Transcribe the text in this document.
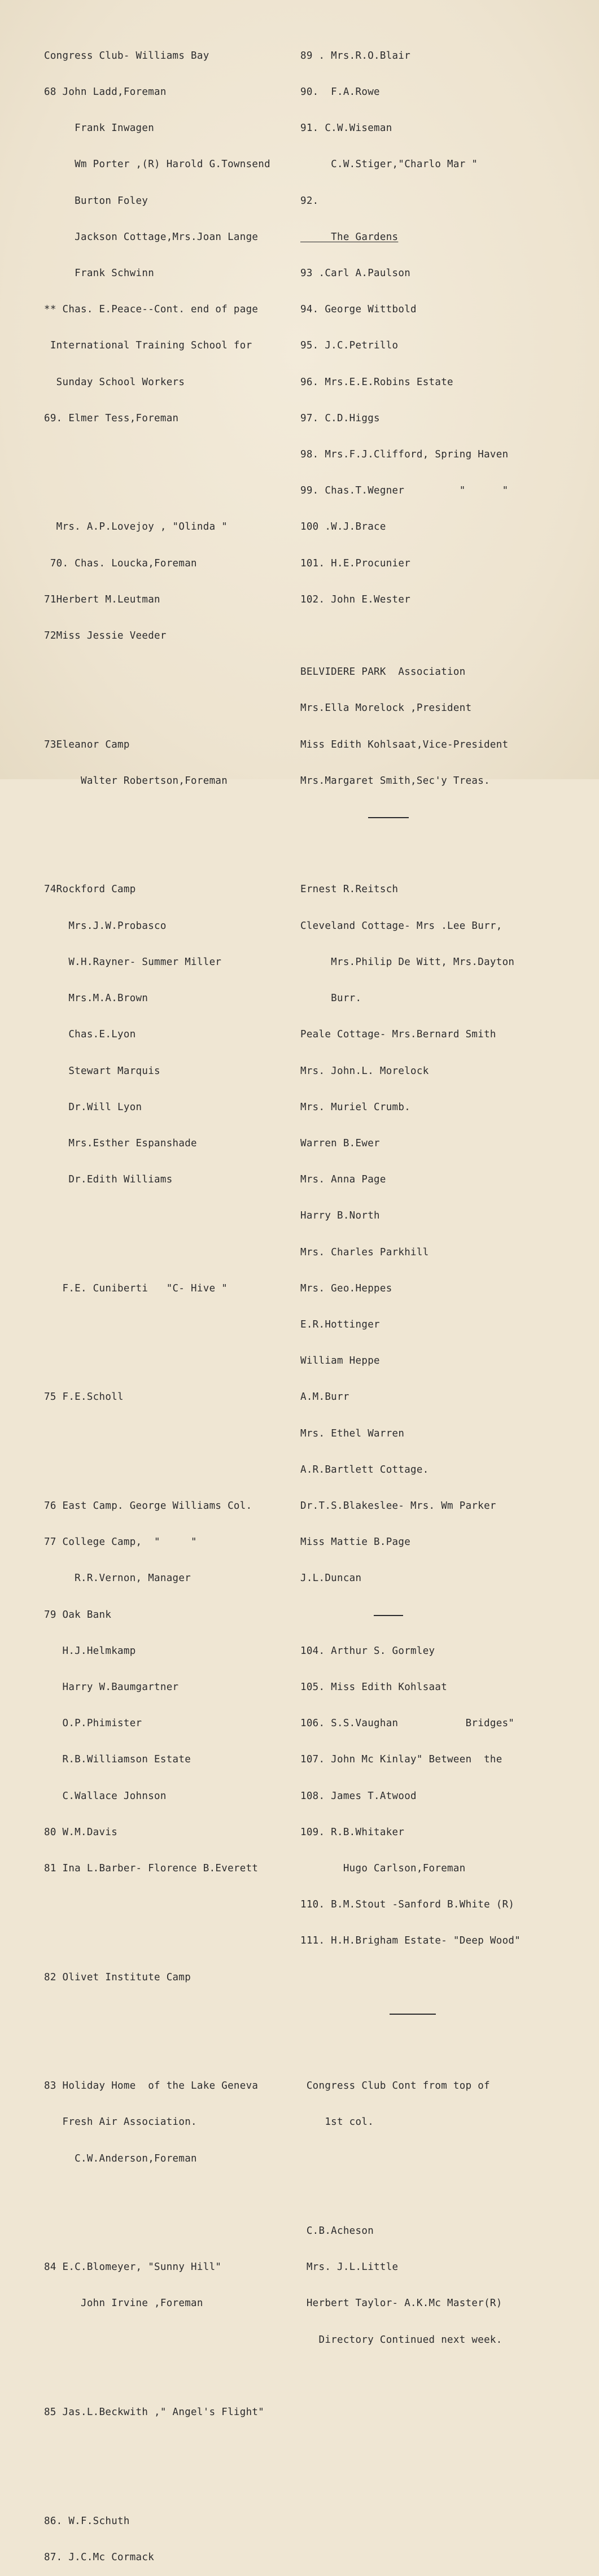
Congress Club- Williams Bay

68 John Ladd,Foreman

Frank Inwagen

Wm Porter ,(R) Harold G.Townsend

Burton Foley

Jackson Cottage,Mrs.Joan Lange

Frank Schwinn

** Chas. E.Peace--Cont. end of page

International Training School for

Sunday School Workers

69. Elmer Tess,Foreman

Mrs. A.P.Lovejoy , "Olinda "

70. Chas. Loucka,Foreman

71Herbert M.Leutman

72Miss Jessie Veeder

73Eleanor Camp

Walter Robertson,Foreman

74Rockford Camp

Mrs.J.W.Probasco

W.H.Rayner- Summer Miller

Mrs.M.A.Brown

Chas.E.Lyon

Stewart Marquis

Dr.Will Lyon

Mrs.Esther Espanshade

Dr.Edith Williams

F.E. Cuniberti   "C- Hive "

75 F.E.Scholl

76 East Camp. George Williams Col.

77 College Camp,  "     "

R.R.Vernon, Manager

79 Oak Bank

H.J.Helmkamp

Harry W.Baumgartner

O.P.Phimister

R.B.Williamson Estate

C.Wallace Johnson

80 W.M.Davis

81 Ina L.Barber- Florence B.Everett

82 Olivet Institute Camp

83 Holiday Home  of the Lake Geneva

Fresh Air Association.

C.W.Anderson,Foreman

84 E.C.Blomeyer, "Sunny Hill"

John Irvine ,Foreman

85 Jas.L.Beckwith ," Angel's Flight"

86. W.F.Schuth

87. J.C.Mc Cormack

89 . Mrs.R.O.Blair

90.  F.A.Rowe

91. C.W.Wiseman

C.W.Stiger,"Charlo Mar "

92.

The Gardens

93 .Carl A.Paulson

94. George Wittbold

95. J.C.Petrillo

96. Mrs.E.E.Robins Estate

97. C.D.Higgs

98. Mrs.F.J.Clifford, Spring Haven

99. Chas.T.Wegner         "      "

100 .W.J.Brace

101. H.E.Procunier

102. John E.Wester

BELVIDERE PARK  Association

Mrs.Ella Morelock ,President

Miss Edith Kohlsaat,Vice-President

Mrs.Margaret Smith,Sec'y Treas.

Ernest R.Reitsch

Cleveland Cottage- Mrs .Lee Burr,

Mrs.Philip De Witt, Mrs.Dayton

Burr.

Peale Cottage- Mrs.Bernard Smith

Mrs. John.L. Morelock

Mrs. Muriel Crumb.

Warren B.Ewer

Mrs. Anna Page

Harry B.North

Mrs. Charles Parkhill

Mrs. Geo.Heppes

E.R.Hottinger

William Heppe

A.M.Burr

Mrs. Ethel Warren

A.R.Bartlett Cottage.

Dr.T.S.Blakeslee- Mrs. Wm Parker

Miss Mattie B.Page

J.L.Duncan

104. Arthur S. Gormley

105. Miss Edith Kohlsaat

106. S.S.Vaughan           Bridges"

107. John Mc Kinlay" Between  the

108. James T.Atwood

109. R.B.Whitaker

Hugo Carlson,Foreman

110. B.M.Stout -Sanford B.White (R)

111. H.H.Brigham Estate- "Deep Wood"

Congress Club Cont from top of

1st col.

C.B.Acheson

Mrs. J.L.Little

Herbert Taylor- A.K.Mc Master(R)

Directory Continued next week.
